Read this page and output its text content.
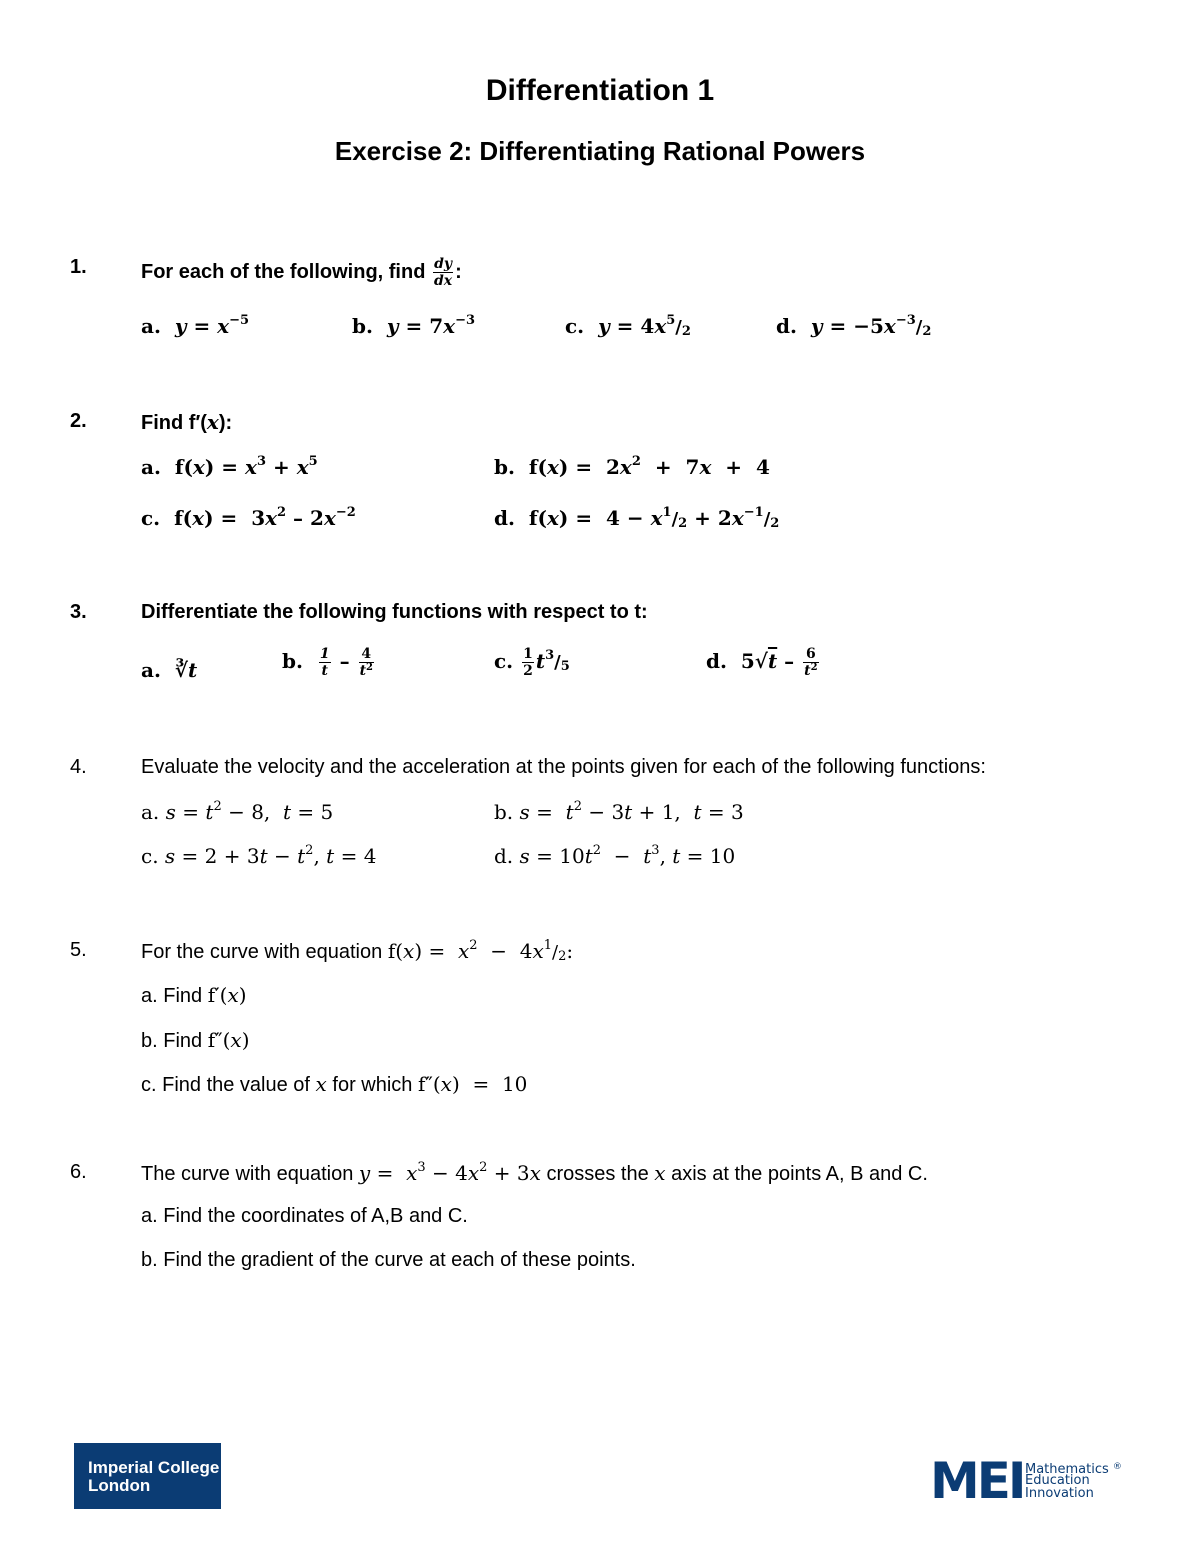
Differentiation 1
Exercise 2: Differentiating Rational Powers
1.	For each of the following, find $\frac{dy}{dx}$ :
a. $y = x^{-5}$	b. $y = 7x^{-3}$	c. $y = 4x^5/2$	d. $y = -5x^{-3}/2$
2.	Find f′(x):
a.  $f(x) = x^3 + x^5$	b.  $f(x) = 2x^2 + 7x + 4$
c.  $f(x) = 3x^2 - 2x^{-2}$	d.  $f(x) = 4 - x^1/2 + 2x^{-1}/2$
3.	Differentiate the following functions with respect to t:
a.  ∛t	b. $\frac{1}{t} - \frac{4}{t^2}$	c. $\frac{1}{2} t^3/5$	d.  $5√t - \frac{6}{t^2}$
4.	Evaluate the velocity and the acceleration at the points given for each of the following functions:
a. $s = t^2 - 8$,  t = 5	b. $s = t^2 - 3t + 1$,  t = 3
c. $s = 2 + 3t - t^2$, t = 4	d. $s = 10t^2 - t^3$, t = 10
5.	For the curve with equation $f(x) = x^2 - 4x^1/2$:
a. Find f′(x)
b. Find f″(x)
c. Find the value of x for which f″(x)  =  10
6.	The curve with equation $y = x^3 - 4x^2 + 3x$ crosses the x axis at the points A, B and C.
a. Find the coordinates of A,B and C.
b. Find the gradient of the curve at each of these points.
Imperial College
London	MEI Mathematics ®
Education
Innovation
